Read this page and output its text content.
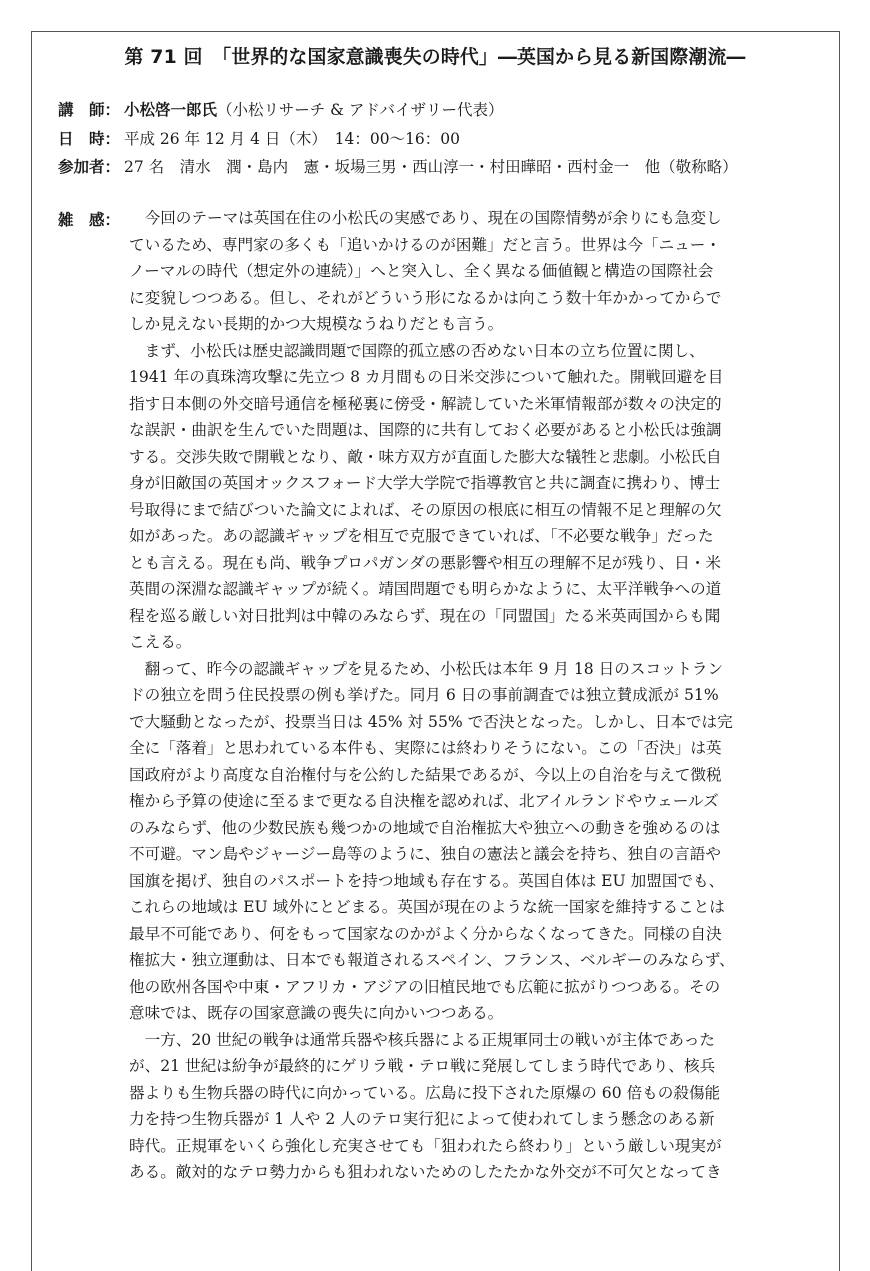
第 71 回　「世界的な国家意識喪失の時代」―英国から見る新国際潮流―
講　師： 小松啓一郎氏（小松リサーチ & アドバイザリー代表）
日　時： 平成 26 年 12 月 4 日（木）　14：00～16：00
参加者： 27 名　清水　潤・島内　憲・坂場三男・西山淳一・村田曄昭・西村金一　他（敬称略）
雑　感： 　今回のテーマは英国在住の小松氏の実感であり、現在の国際情勢が余りにも急変し
ているため、専門家の多くも「追いかけるのが困難」だと言う。世界は今「ニュー・
ノーマルの時代（想定外の連続）」へと突入し、全く異なる価値観と構造の国際社会
に変貌しつつある。但し、それがどういう形になるかは向こう数十年かかってからで
しか見えない長期的かつ大規模なうねりだとも言う。
　まず、小松氏は歴史認識問題で国際的孤立感の否めない日本の立ち位置に関し、
1941 年の真珠湾攻撃に先立つ 8 カ月間もの日米交渉について触れた。開戦回避を目
指す日本側の外交暗号通信を極秘裏に傍受・解読していた米軍情報部が数々の決定的
な誤訳・曲訳を生んでいた問題は、国際的に共有しておく必要があると小松氏は強調
する。交渉失敗で開戦となり、敵・味方双方が直面した膨大な犠牲と悲劇。小松氏自
身が旧敵国の英国オックスフォード大学大学院で指導教官と共に調査に携わり、博士
号取得にまで結びついた論文によれば、その原因の根底に相互の情報不足と理解の欠
如があった。あの認識ギャップを相互で克服できていれば、「不必要な戦争」だった
とも言える。現在も尚、戦争プロパガンダの悪影響や相互の理解不足が残り、日・米
英間の深淵な認識ギャップが続く。靖国問題でも明らかなように、太平洋戦争への道
程を巡る厳しい対日批判は中韓のみならず、現在の「同盟国」たる米英両国からも聞
こえる。
　翻って、昨今の認識ギャップを見るため、小松氏は本年 9 月 18 日のスコットラン
ドの独立を問う住民投票の例も挙げた。同月 6 日の事前調査では独立賛成派が 51%
で大騒動となったが、投票当日は 45% 対 55% で否決となった。しかし、日本では完
全に「落着」と思われている本件も、実際には終わりそうにない。この「否決」は英
国政府がより高度な自治権付与を公約した結果であるが、今以上の自治を与えて徴税
権から予算の使途に至るまで更なる自決権を認めれば、北アイルランドやウェールズ
のみならず、他の少数民族も幾つかの地域で自治権拡大や独立への動きを強めるのは
不可避。マン島やジャージー島等のように、独自の憲法と議会を持ち、独自の言語や
国旗を掲げ、独自のパスポートを持つ地域も存在する。英国自体は EU 加盟国でも、
これらの地域は EU 域外にとどまる。英国が現在のような統一国家を維持することは
最早不可能であり、何をもって国家なのかがよく分からなくなってきた。同様の自決
権拡大・独立運動は、日本でも報道されるスペイン、フランス、ベルギーのみならず、
他の欧州各国や中東・アフリカ・アジアの旧植民地でも広範に拡がりつつある。その
意味では、既存の国家意識の喪失に向かいつつある。
　一方、20 世紀の戦争は通常兵器や核兵器による正規軍同士の戦いが主体であった
が、21 世紀は紛争が最終的にゲリラ戦・テロ戦に発展してしまう時代であり、核兵
器よりも生物兵器の時代に向かっている。広島に投下された原爆の 60 倍もの殺傷能
力を持つ生物兵器が 1 人や 2 人のテロ実行犯によって使われてしまう懸念のある新
時代。正規軍をいくら強化し充実させても「狙われたら終わり」という厳しい現実が
ある。敵対的なテロ勢力からも狙われないためのしたたかな外交が不可欠となってき
